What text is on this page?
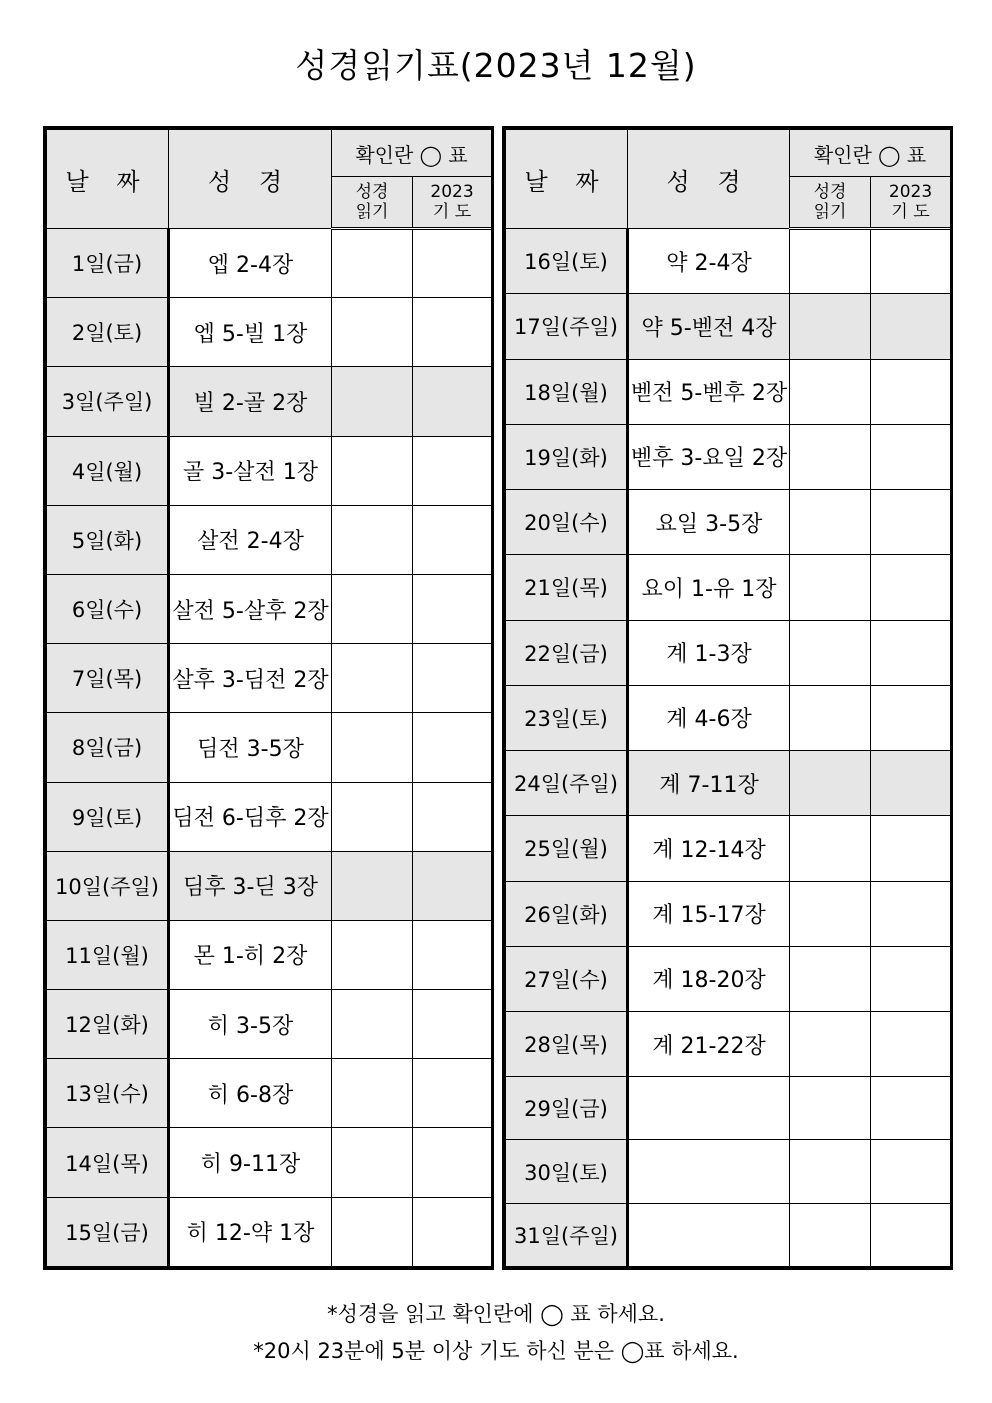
성경읽기표(2023년 12월)
날 짜	성 경	확인란 ◯ 표	

		성경
읽기	2023
기 도

1일(금)	엡 2-4장		
2일(토)	엡 5-빌 1장		
3일(주일)	빌 2-골 2장		
4일(월)	골 3-살전 1장		
5일(화)	살전 2-4장		
6일(수)	살전 5-살후 2장		
7일(목)	살후 3-딤전 2장		
8일(금)	딤전 3-5장		
9일(토)	딤전 6-딤후 2장		
10일(주일)	딤후 3-딛 3장		
11일(월)	몬 1-히 2장		
12일(화)	히 3-5장		
13일(수)	히 6-8장		
14일(목)	히 9-11장		
15일(금)	히 12-약 1장		
날 짜	성 경	확인란 ◯ 표	

		성경
읽기	2023
기 도

16일(토)	약 2-4장		
17일(주일)	약 5-벧전 4장		
18일(월)	벧전 5-벧후 2장		
19일(화)	벧후 3-요일 2장		
20일(수)	요일 3-5장		
21일(목)	요이 1-유 1장		
22일(금)	계 1-3장		
23일(토)	계 4-6장		
24일(주일)	계 7-11장		
25일(월)	계 12-14장		
26일(화)	계 15-17장		
27일(수)	계 18-20장		
28일(목)	계 21-22장		
29일(금)			
30일(토)			
31일(주일)			
*성경을 읽고 확인란에 ◯ 표 하세요.
*20시 23분에 5분 이상 기도 하신 분은 ◯표 하세요.
